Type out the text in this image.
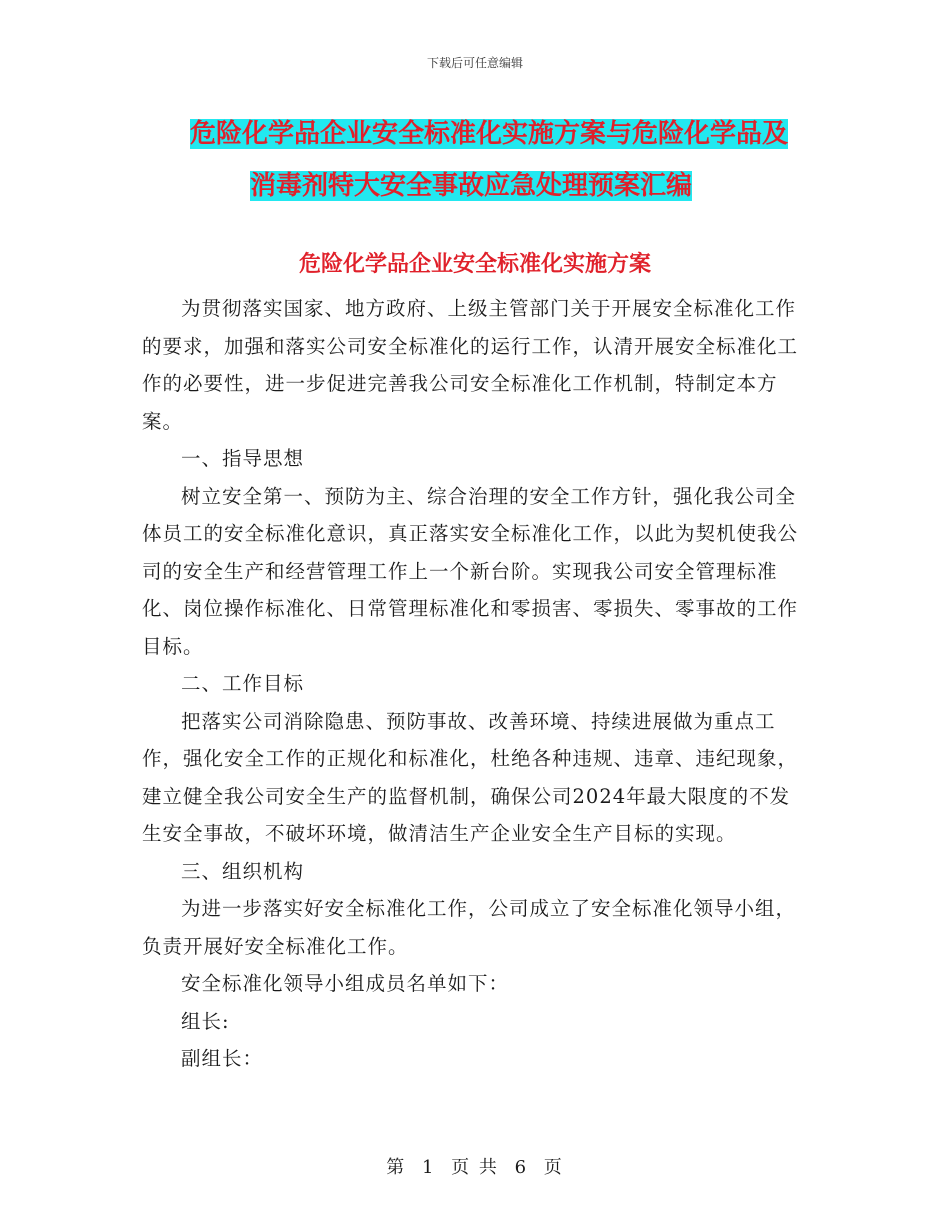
下载后可任意编辑
危险化学品企业安全标准化实施方案与危险化学品及
消毒剂特大安全事故应急处理预案汇编
危险化学品企业安全标准化实施方案

为贯彻落实国家、地方政府、上级主管部门关于开展安全标准化工作的要求，加强和落实公司安全标准化的运行工作，认清开展安全标准化工作的必要性，进一步促进完善我公司安全标准化工作机制，特制定本方案。

一、指导思想

树立安全第一、预防为主、综合治理的安全工作方针，强化我公司全体员工的安全标准化意识，真正落实安全标准化工作，以此为契机使我公司的安全生产和经营管理工作上一个新台阶。实现我公司安全管理标准化、岗位操作标准化、日常管理标准化和零损害、零损失、零事故的工作目标。

二、工作目标

把落实公司消除隐患、预防事故、改善环境、持续进展做为重点工作，强化安全工作的正规化和标准化，杜绝各种违规、违章、违纪现象，建立健全我公司安全生产的监督机制，确保公司2024年最大限度的不发生安全事故，不破坏环境，做清洁生产企业安全生产目标的实现。

三、组织机构

为进一步落实好安全标准化工作，公司成立了安全标准化领导小组，负责开展好安全标准化工作。

安全标准化领导小组成员名单如下：

组长:

副组长：

第 1 页 共 6 页
